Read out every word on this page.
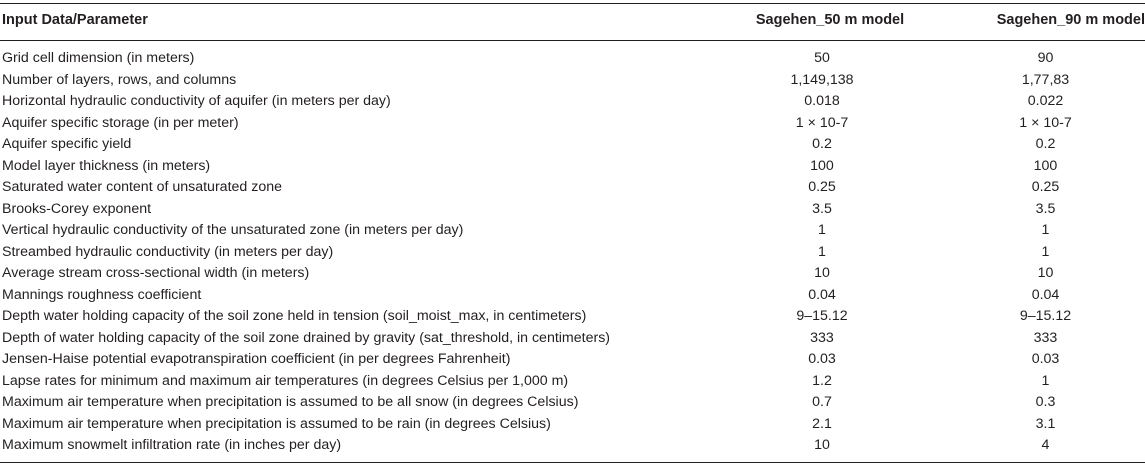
Input Data/Parameter	Sagehen_50 m model	Sagehen_90 m model
Grid cell dimension (in meters)	50	90
Number of layers, rows, and columns	1,149,138	1,77,83
Horizontal hydraulic conductivity of aquifer (in meters per day)	0.018	0.022
Aquifer specific storage (in per meter)	1 × 10-7	1 × 10-7
Aquifer specific yield	0.2	0.2
Model layer thickness (in meters)	100	100
Saturated water content of unsaturated zone	0.25	0.25
Brooks-Corey exponent	3.5	3.5
Vertical hydraulic conductivity of the unsaturated zone (in meters per day)	1	1
Streambed hydraulic conductivity (in meters per day)	1	1
Average stream cross-sectional width (in meters)	10	10
Mannings roughness coefficient	0.04	0.04
Depth water holding capacity of the soil zone held in tension (soil_moist_max, in centimeters)	9–15.12	9–15.12
Depth of water holding capacity of the soil zone drained by gravity (sat_threshold, in centimeters)	333	333
Jensen-Haise potential evapotranspiration coefficient (in per degrees Fahrenheit)	0.03	0.03
Lapse rates for minimum and maximum air temperatures (in degrees Celsius per 1,000 m)	1.2	1
Maximum air temperature when precipitation is assumed to be all snow (in degrees Celsius)	0.7	0.3
Maximum air temperature when precipitation is assumed to be rain (in degrees Celsius)	2.1	3.1
Maximum snowmelt infiltration rate (in inches per day)	10	4
